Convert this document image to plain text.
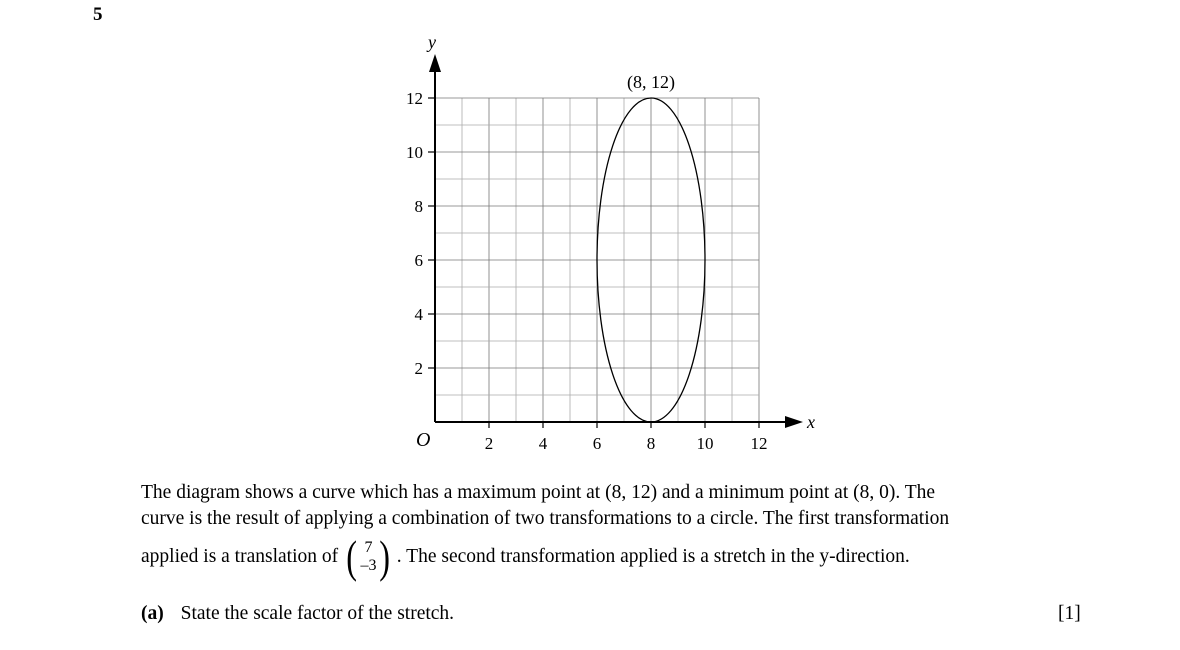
5
2	4	6	8 10 12
2
4
6
8
10
12
x
y
O
(8, 12)
The diagram shows a curve which has a maximum point at (8, 12) and a minimum point at (8, 0). The
curve is the result of applying a combination of two transformations to a circle. The first transformation
applied is a translation of ( 7
–3 ) . The second transformation applied is a stretch in the y-direction.
(a) State the scale factor of the stretch.	[1]
